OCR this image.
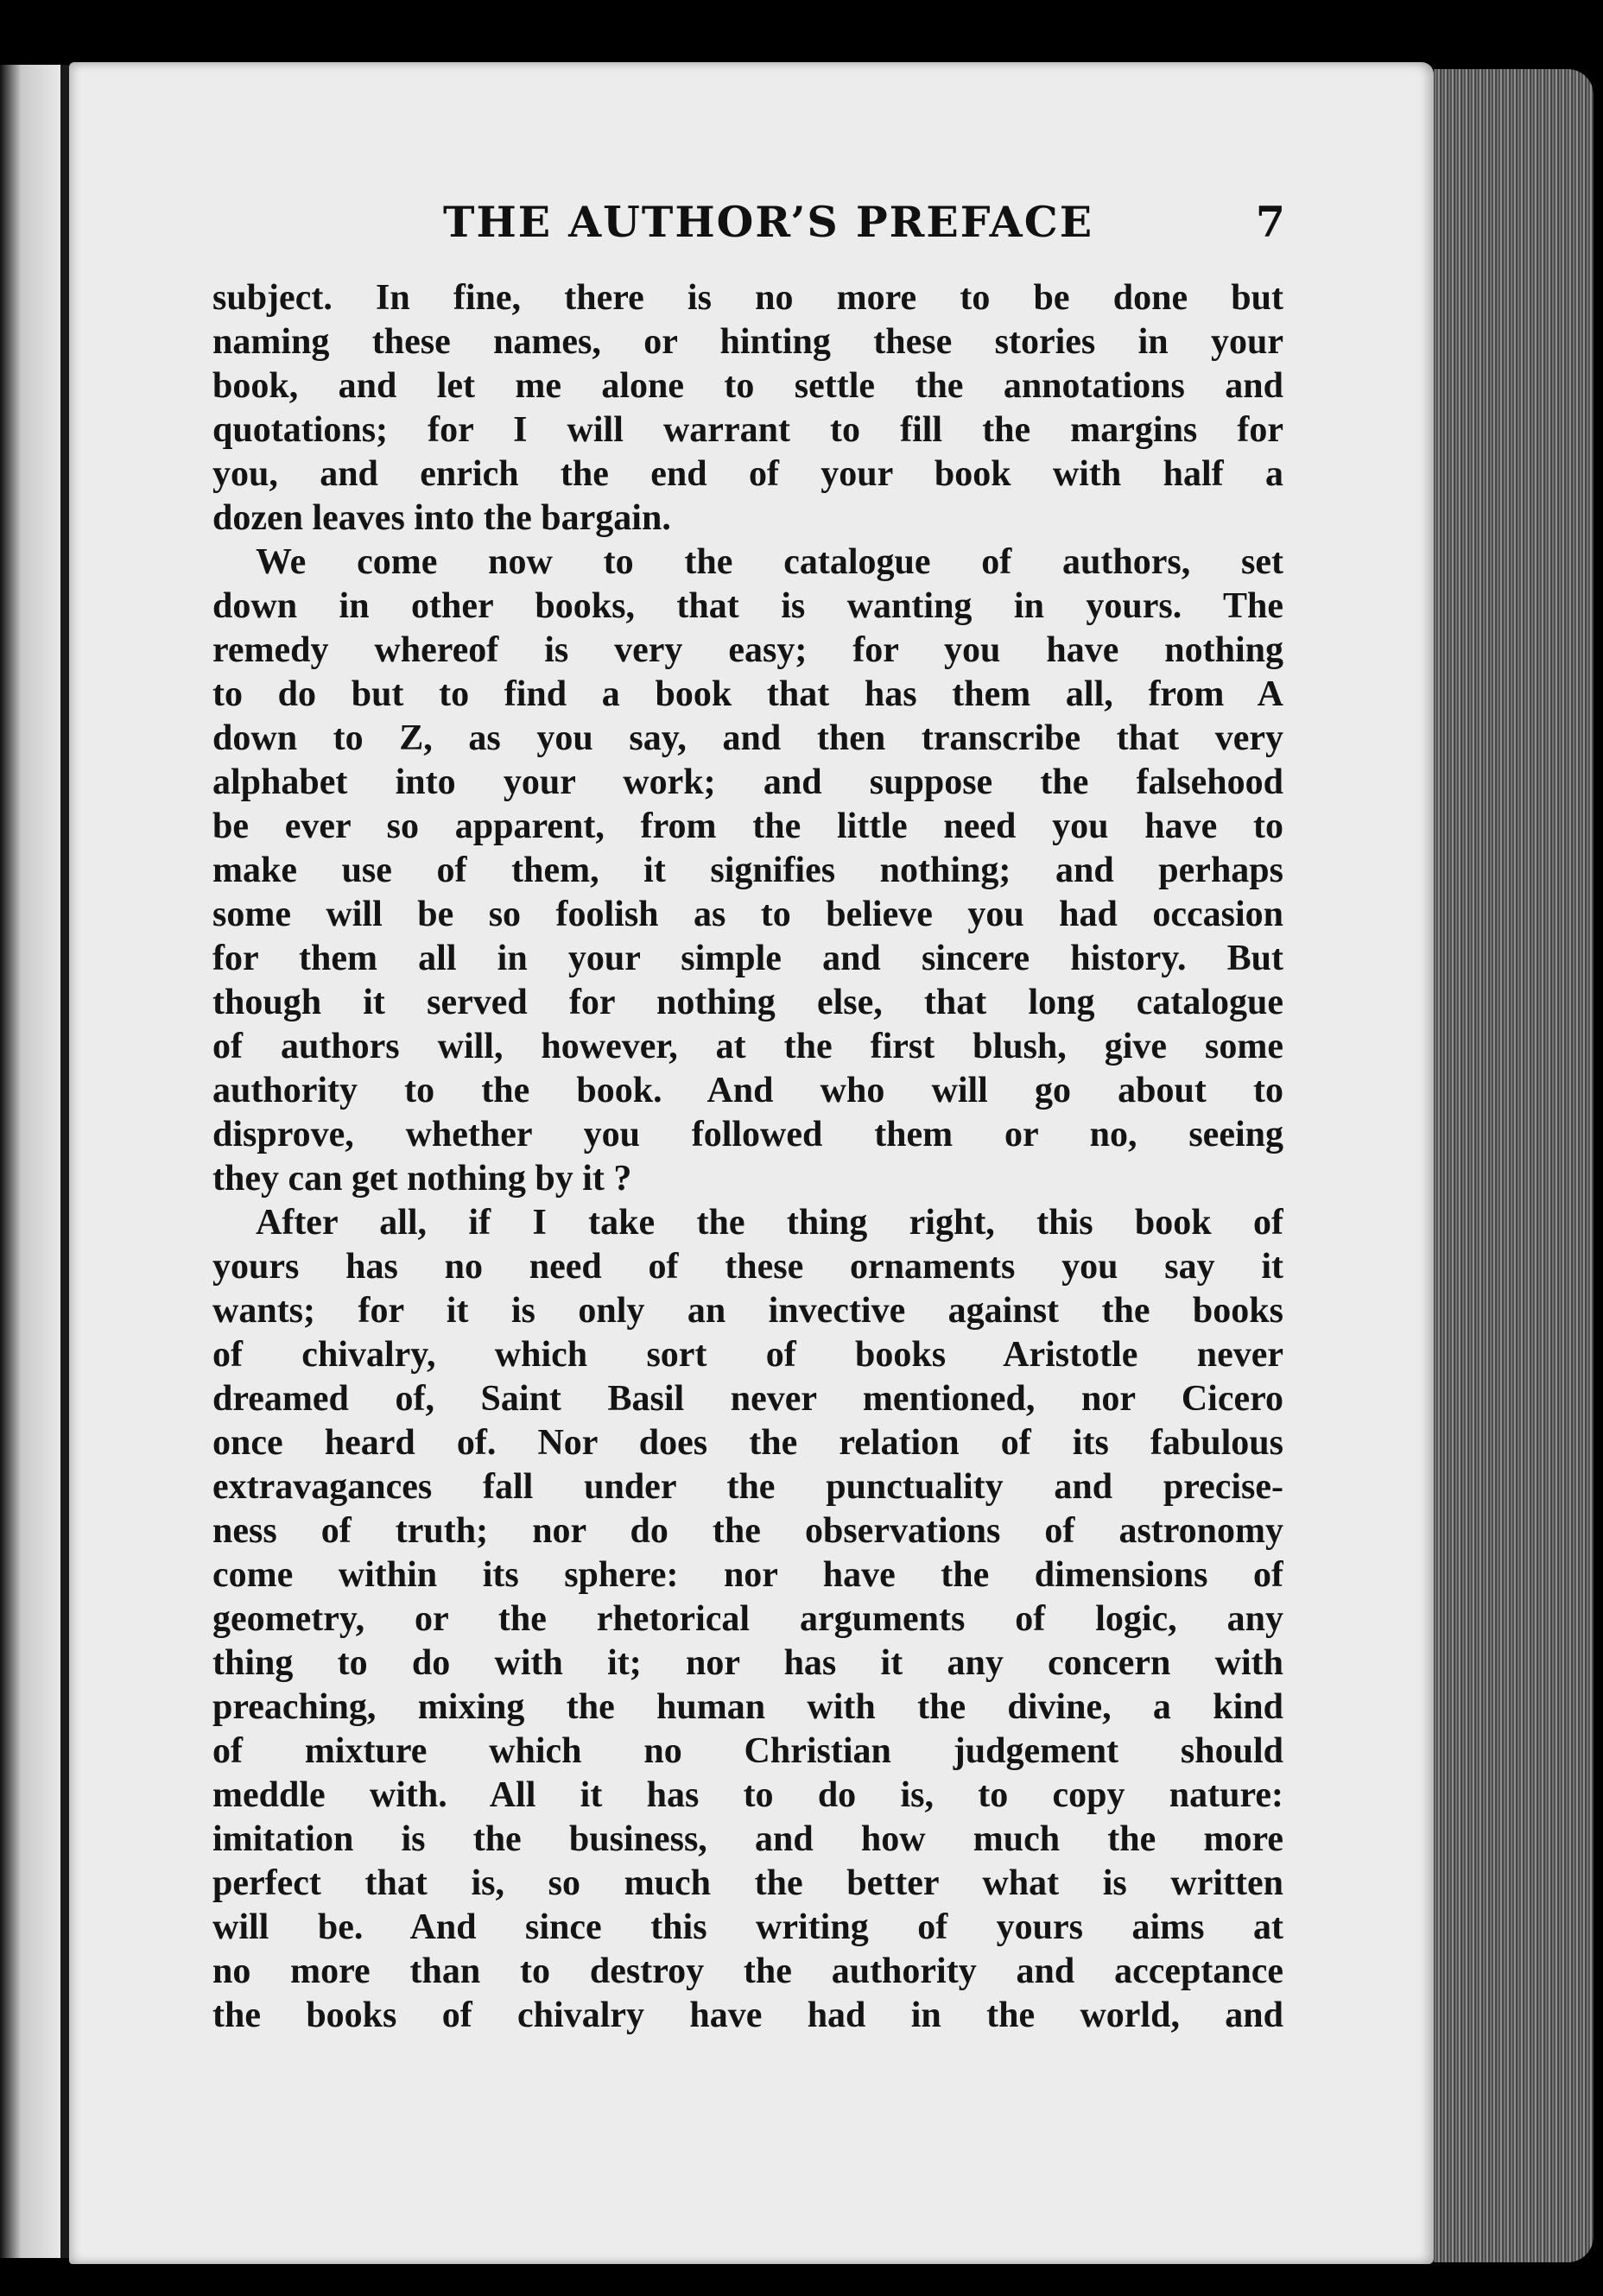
THE AUTHOR’S PREFACE	7
subject. In fine, there is no more to be done but
naming these names, or hinting these stories in your
book, and let me alone to settle the annotations and
quotations; for I will warrant to fill the margins for
you, and enrich the end of your book with half a
dozen leaves into the bargain.
We come now to the catalogue of authors, set
down in other books, that is wanting in yours. The
remedy whereof is very easy; for you have nothing
to do but to find a book that has them all, from A
down to Z, as you say, and then transcribe that very
alphabet into your work; and suppose the falsehood
be ever so apparent, from the little need you have to
make use of them, it signifies nothing; and perhaps
some will be so foolish as to believe you had occasion
for them all in your simple and sincere history. But
though it served for nothing else, that long catalogue
of authors will, however, at the first blush, give some
authority to the book. And who will go about to
disprove, whether you followed them or no, seeing
they can get nothing by it ?
After all, if I take the thing right, this book of
yours has no need of these ornaments you say it
wants; for it is only an invective against the books
of chivalry, which sort of books Aristotle never
dreamed of, Saint Basil never mentioned, nor Cicero
once heard of. Nor does the relation of its fabulous
extravagances fall under the punctuality and precise-
ness of truth; nor do the observations of astronomy
come within its sphere: nor have the dimensions of
geometry, or the rhetorical arguments of logic, any
thing to do with it; nor has it any concern with
preaching, mixing the human with the divine, a kind
of mixture which no Christian judgement should
meddle with. All it has to do is, to copy nature:
imitation is the business, and how much the more
perfect that is, so much the better what is written
will be. And since this writing of yours aims at
no more than to destroy the authority and acceptance
the books of chivalry have had in the world, and
